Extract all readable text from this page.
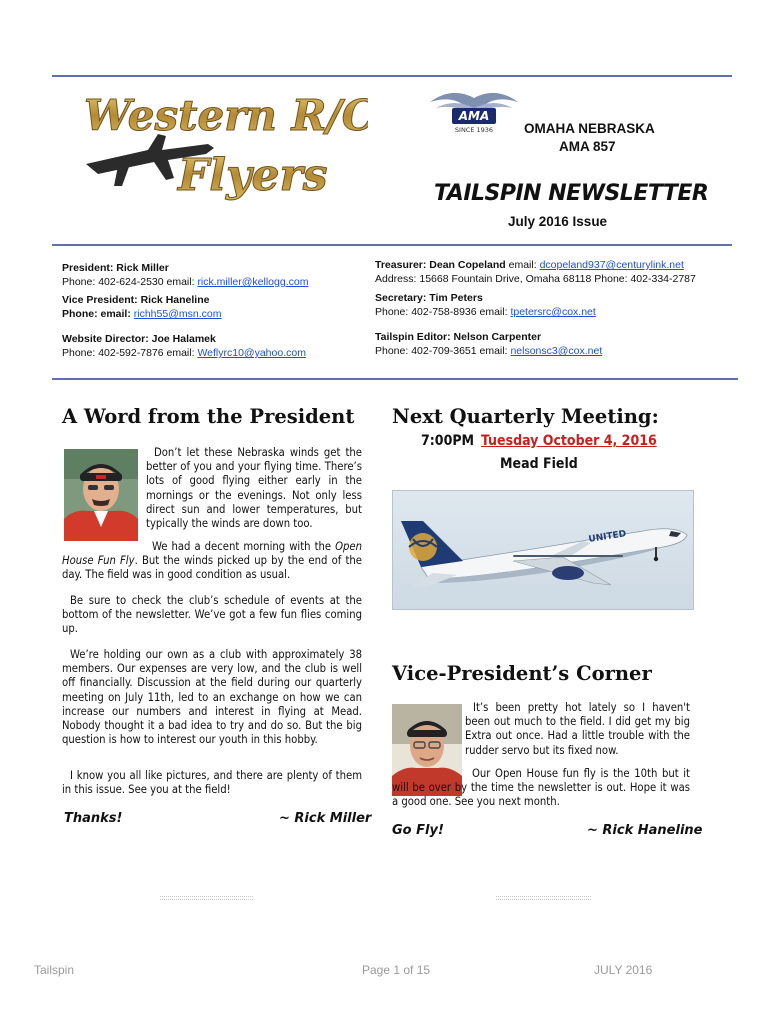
Western R/C
Flyers
AMA
SINCE 1936 OMAHA NEBRASKA
AMA 857
TAILSPIN NEWSLETTER
July 2016 Issue
President: Rick Miller
Phone: 402-624-2530 email: rick.miller@kellogg.com
Vice President: Rick Haneline
Phone: email: richh55@msn.com
Website Director: Joe Halamek
Phone: 402-592-7876 email: Weflyrc10@yahoo.com
Treasurer: Dean Copeland email: dcopeland937@centurylink.net
Address: 15668 Fountain Drive, Omaha 68118 Phone: 402-334-2787
Secretary: Tim Peters
Phone: 402-758-8936 email: tpetersrc@cox.net
Tailspin Editor: Nelson Carpenter
Phone: 402-709-3651 email: nelsonsc3@cox.net
A Word from the President
Don’t let these Nebraska winds get the better of you and your flying time. There’s lots of good flying either early in the mornings or the evenings. Not only less direct sun and lower temperatures, but typically the winds are down too.
We had a decent morning with the Open House Fun Fly. But the winds picked up by the end of the day. The field was in good condition as usual.
Be sure to check the club’s schedule of events at the bottom of the newsletter. We’ve got a few fun flies coming up.
We’re holding our own as a club with approximately 38 members. Our expenses are very low, and the club is well off financially. Discussion at the field during our quarterly meeting on July 11th, led to an exchange on how we can increase our numbers and interest in flying at Mead. Nobody thought it a bad idea to try and do so. But the big question is how to interest our youth in this hobby.
I know you all like pictures, and there are plenty of them in this issue. See you at the field!
Thanks!	~ Rick Miller
Next Quarterly Meeting:
7:00PM Tuesday October 4, 2016
Mead Field
UNITED
Vice-President’s Corner
It’s been pretty hot lately so I haven't been out much to the field. I did get my big Extra out once. Had a little trouble with the rudder servo but its fixed now.
Our Open House fun fly is the 10th but it will be over by the time the newsletter is out. Hope it was a good one. See you next month.
Go Fly!	~ Rick Haneline
Tailspin	Page 1 of 15	JULY 2016
